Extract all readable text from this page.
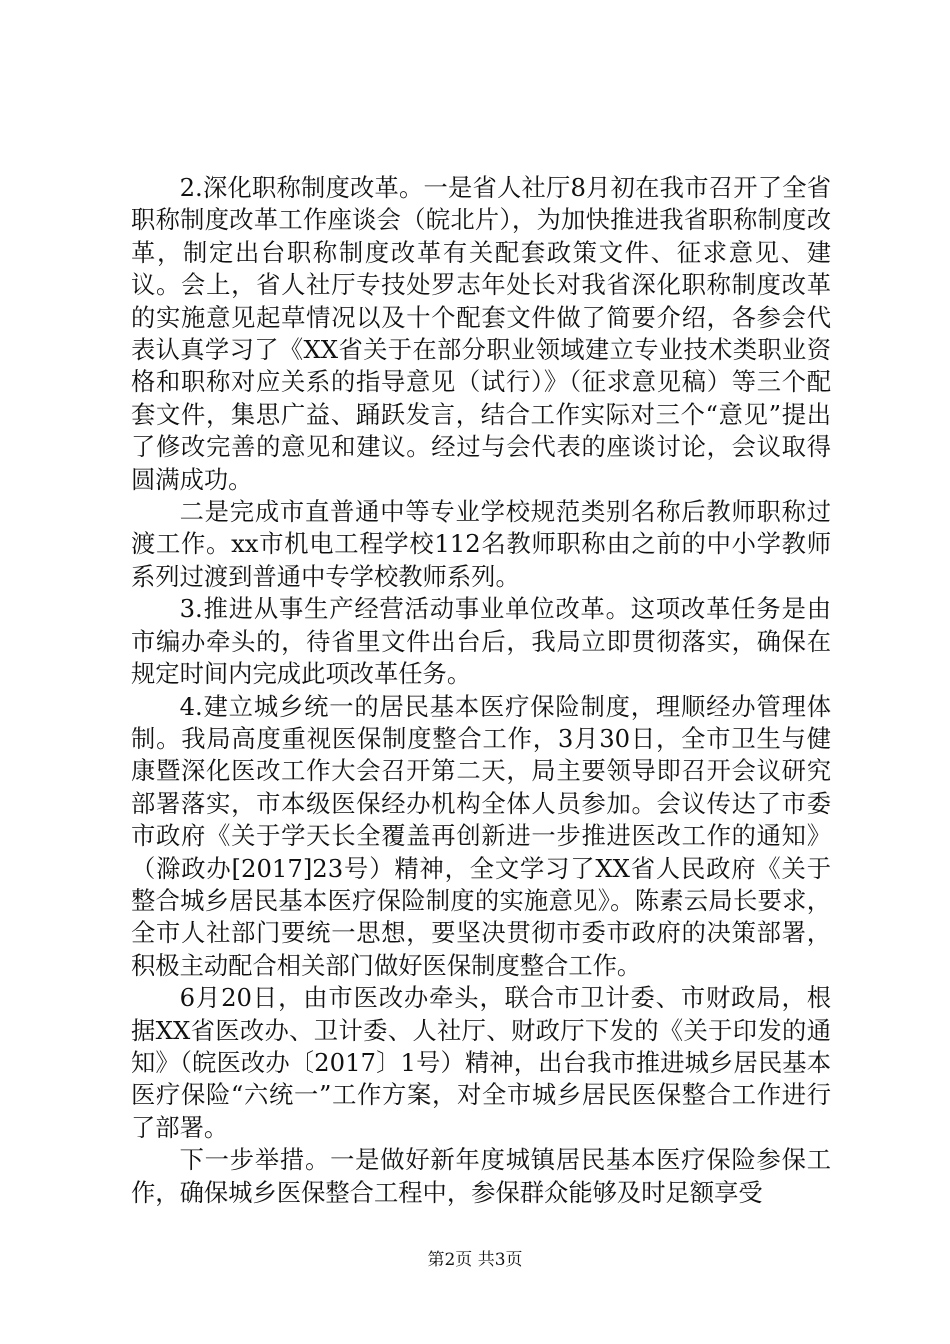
2.深化职称制度改革。一是省人社厅8月初在我市召开了全省职称制度改革工作座谈会（皖北片），为加快推进我省职称制度改革，制定出台职称制度改革有关配套政策文件、征求意见、建议。会上，省人社厅专技处罗志年处长对我省深化职称制度改革的实施意见起草情况以及十个配套文件做了简要介绍，各参会代表认真学习了《XX省关于在部分职业领域建立专业技术类职业资格和职称对应关系的指导意见（试行）》（征求意见稿）等三个配套文件，集思广益、踊跃发言，结合工作实际对三个“意见”提出了修改完善的意见和建议。经过与会代表的座谈讨论，会议取得圆满成功。

二是完成市直普通中等专业学校规范类别名称后教师职称过渡工作。xx市机电工程学校112名教师职称由之前的中小学教师系列过渡到普通中专学校教师系列。

3.推进从事生产经营活动事业单位改革。这项改革任务是由市编办牵头的，待省里文件出台后，我局立即贯彻落实，确保在规定时间内完成此项改革任务。

4.建立城乡统一的居民基本医疗保险制度，理顺经办管理体制。我局高度重视医保制度整合工作，3月30日，全市卫生与健康暨深化医改工作大会召开第二天，局主要领导即召开会议研究部署落实，市本级医保经办机构全体人员参加。会议传达了市委市政府《关于学天长全覆盖再创新进一步推进医改工作的通知》（滁政办[2017]23号）精神，全文学习了XX省人民政府《关于整合城乡居民基本医疗保险制度的实施意见》。陈素云局长要求，全市人社部门要统一思想，要坚决贯彻市委市政府的决策部署，积极主动配合相关部门做好医保制度整合工作。

6月20日，由市医改办牵头，联合市卫计委、市财政局，根据XX省医改办、卫计委、人社厅、财政厅下发的《关于印发的通知》（皖医改办〔2017〕1号）精神，出台我市推进城乡居民基本医疗保险“六统一”工作方案，对全市城乡居民医保整合工作进行了部署。

下一步举措。一是做好新年度城镇居民基本医疗保险参保工作，确保城乡医保整合工程中，参保群众能够及时足额享受

第2页 共3页
